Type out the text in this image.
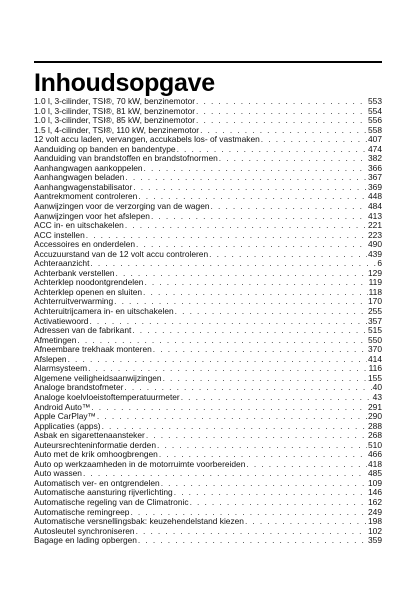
Inhoudsopgave
1.0 l, 3-cilinder, TSI®, 70 kW, benzinemotor . . .	553
1.0 l, 3-cilinder, TSI®, 81 kW, benzinemotor . . .	554
1.0 l, 3-cilinder, TSI®, 85 kW, benzinemotor . . .	556
1.5 l, 4-cilinder, TSI®, 110 kW, benzinemotor . . .	558
12 volt accu laden, vervangen, accukabels los- of vastmaken . . .	407
Aanduiding op banden en bandentype . . .	474
Aanduiding van brandstoffen en brandstofnormen . . .	382
Aanhangwagen aankoppelen . . .	366
Aanhangwagen beladen . . .	367
Aanhangwagenstabilisator . . .	369
Aantrekmoment controleren . . .	448
Aanwijzingen voor de verzorging van de wagen . . .	484
Aanwijzingen voor het afslepen . . .	413
ACC in- en uitschakelen . . .	221
ACC instellen . . .	223
Accessoires en onderdelen . . .	490
Accuzuurstand van de 12 volt accu controleren . . .	439
Achteraanzicht . . .	6
Achterbank verstellen . . .	129
Achterklep noodontgrendelen . . .	119
Achterklep openen en sluiten . . .	118
Achterruitverwarming . . .	170
Achteruitrijcamera in- en uitschakelen . . .	255
Activatiewoord . . .	357
Adressen van de fabrikant . . .	515
Afmetingen . . .	550
Afneembare trekhaak monteren . . .	370
Afslepen . . .	414
Alarmsysteem . . .	116
Algemene veiligheidsaanwijzingen . . .	155
Analoge brandstofmeter . . .	40
Analoge koelvloeistoftemperatuurmeter . . .	43
Android Auto™ . . .	291
Apple CarPlay™ . . .	290
Applicaties (apps) . . .	288
Asbak en sigarettenaansteker . . .	268
Auteursrechteninformatie derden . . .	510
Auto met de krik omhoogbrengen . . .	466
Auto op werkzaamheden in de motorruimte voorbereiden . . .	418
Auto wassen . . .	485
Automatisch ver- en ontgrendelen . . .	109
Automatische aansturing rijverlichting . . .	146
Automatische regeling van de Climatronic . . .	162
Automatische remingreep . . .	249
Automatische versnellingsbak: keuzehendelstand kiezen . . .	198
Autosleutel synchroniseren . . .	102
Bagage en lading opbergen . . .	359
